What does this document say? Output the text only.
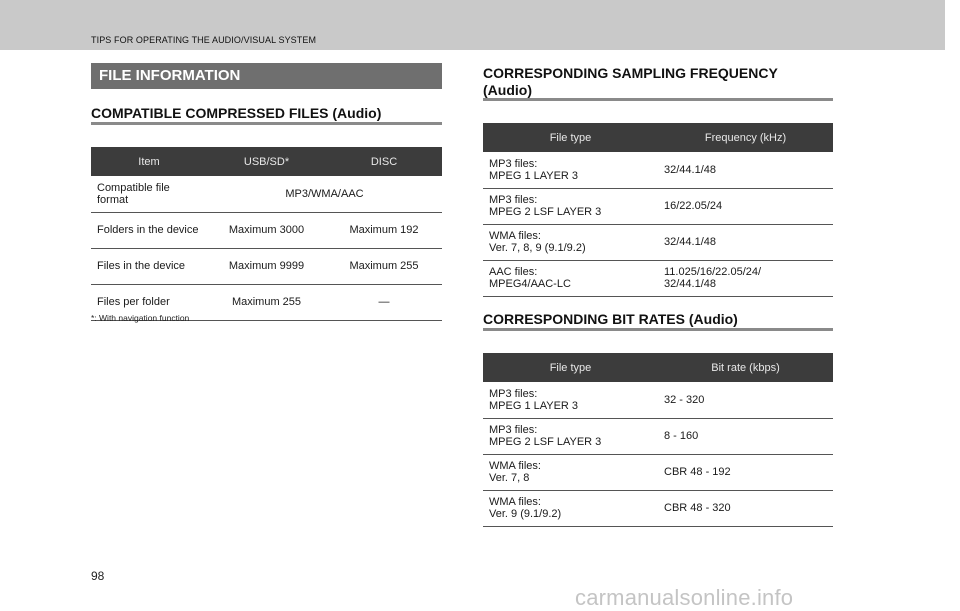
TIPS FOR OPERATING THE AUDIO/VISUAL SYSTEM
FILE INFORMATION
COMPATIBLE COMPRESSED FILES (Audio)
Item	USB/SD*	DISC
Compatible file format	MP3/WMA/AAC	
Folders in the device	Maximum 3000	Maximum 192
Files in the device	Maximum 9999	Maximum 255
Files per folder	Maximum 255	—
*: With navigation function
CORRESPONDING SAMPLING FREQUENCY
(Audio)
File type	Frequency (kHz)
MP3 files:
MPEG 1 LAYER 3	32/44.1/48
MP3 files:
MPEG 2 LSF LAYER 3	16/22.05/24
WMA files:
Ver. 7, 8, 9 (9.1/9.2)	32/44.1/48
AAC files:
MPEG4/AAC-LC	11.025/16/22.05/24/
32/44.1/48
CORRESPONDING BIT RATES (Audio)
File type	Bit rate (kbps)
MP3 files:
MPEG 1 LAYER 3	32 - 320
MP3 files:
MPEG 2 LSF LAYER 3	8 - 160
WMA files:
Ver. 7, 8	CBR 48 - 192
WMA files:
Ver. 9 (9.1/9.2)	CBR 48 - 320
98
carmanualsonline.info
